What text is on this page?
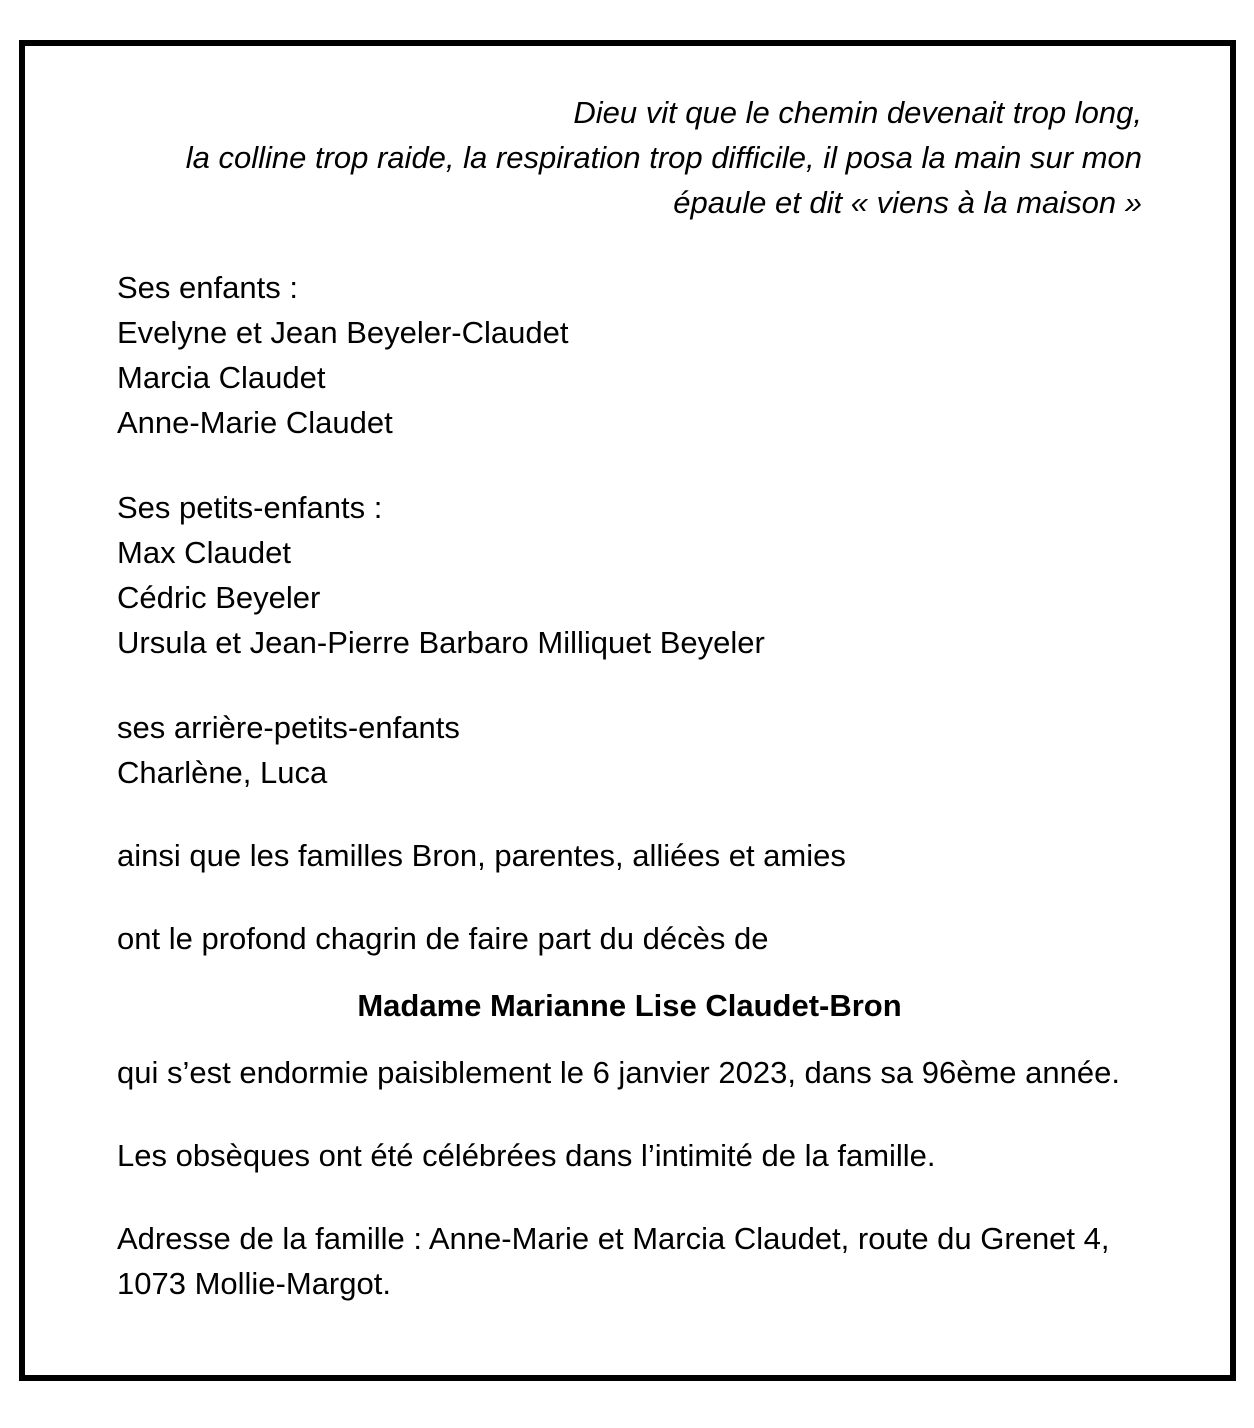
Dieu vit que le chemin devenait trop long,

la colline trop raide, la respiration trop difficile, il posa la main sur mon

épaule et dit « viens à la maison »

Ses enfants :

Evelyne et Jean Beyeler-Claudet

Marcia Claudet

Anne-Marie Claudet

Ses petits-enfants :

Max Claudet

Cédric Beyeler

Ursula et Jean-Pierre Barbaro Milliquet Beyeler

ses arrière-petits-enfants

Charlène, Luca

ainsi que les familles Bron, parentes, alliées et amies

ont le profond chagrin de faire part du décès de

Madame Marianne Lise Claudet-Bron

qui s’est endormie paisiblement le 6 janvier 2023, dans sa 96ème année.

Les obsèques ont été célébrées dans l’intimité de la famille.

Adresse de la famille : Anne-Marie et Marcia Claudet, route du Grenet 4, 1073 Mollie-Margot.
